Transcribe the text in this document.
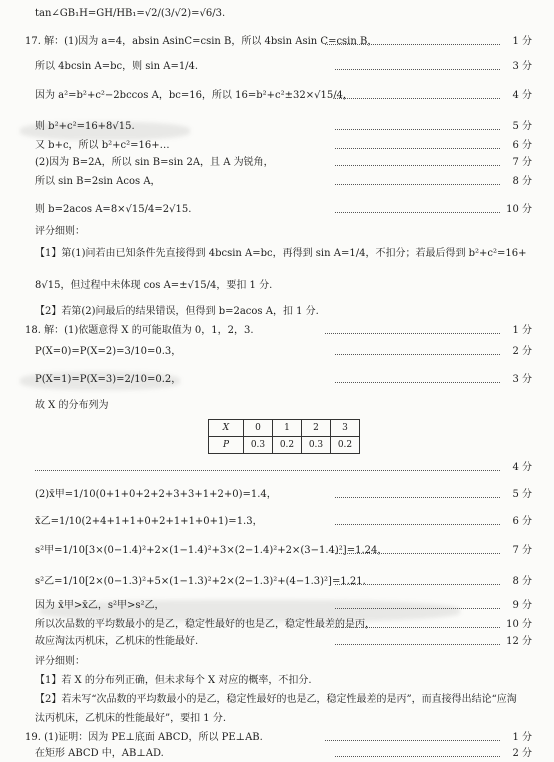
tan∠GB₁H=GH/HB₁=√2/(3/√2)=√6/3.
17. 解：(1)因为 a=4，absin AsinC=csin B，所以 4bsin Asin C=csin B，	1 分
所以 4bcsin A=bc，则 sin A=1/4.	3 分
因为 a²=b²+c²−2bccos A，bc=16，所以 16=b²+c²±32×√15/4，	4 分
则 b²+c²=16+8√15.	5 分
又 b+c，所以 b²+c²=16+…	6 分
(2)因为 B=2A，所以 sin B=sin 2A，且 A 为锐角，	7 分
所以 sin B=2sin Acos A，	8 分
则 b=2acos A=8×√15/4=2√15.	10 分
评分细则：
【1】第(1)问若由已知条件先直接得到 4bcsin A=bc，再得到 sin A=1/4，不扣分；若最后得到 b²+c²=16+
8√15，但过程中未体现 cos A=±√15/4，要扣 1 分.
【2】若第(2)问最后的结果错误，但得到 b=2acos A，扣 1 分.
18. 解：(1)依题意得 X 的可能取值为 0，1，2，3.	1 分
P(X=0)=P(X=2)=3/10=0.3，	2 分
P(X=1)=P(X=3)=2/10=0.2，	3 分
故 X 的分布列为
4 分
(2)x̄甲=1/10(0+1+0+2+2+3+3+1+2+0)=1.4，	5 分
x̄乙=1/10(2+4+1+1+0+2+1+1+0+1)=1.3，	6 分
s²甲=1/10[3×(0−1.4)²+2×(1−1.4)²+3×(2−1.4)²+2×(3−1.4)²]=1.24，	7 分
s²乙=1/10[2×(0−1.3)²+5×(1−1.3)²+2×(2−1.3)²+(4−1.3)²]=1.21.	8 分
因为 x̄甲>x̄乙，s²甲>s²乙，	9 分
所以次品数的平均数最小的是乙，稳定性最好的也是乙，稳定性最差的是丙，	10 分
故应淘汰丙机床，乙机床的性能最好.	12 分
评分细则：
【1】若 X 的分布列正确，但未求每个 X 对应的概率，不扣分.
【2】若未写“次品数的平均数最小的是乙，稳定性最好的也是乙，稳定性最差的是丙”，而直接得出结论“应淘
汰丙机床，乙机床的性能最好”，要扣 1 分.
19. (1)证明：因为 PE⊥底面 ABCD，所以 PE⊥AB.	1 分
在矩形 ABCD 中，AB⊥AD.	2 分
X	0	1	2	3
P	0.3	0.2	0.3	0.2
